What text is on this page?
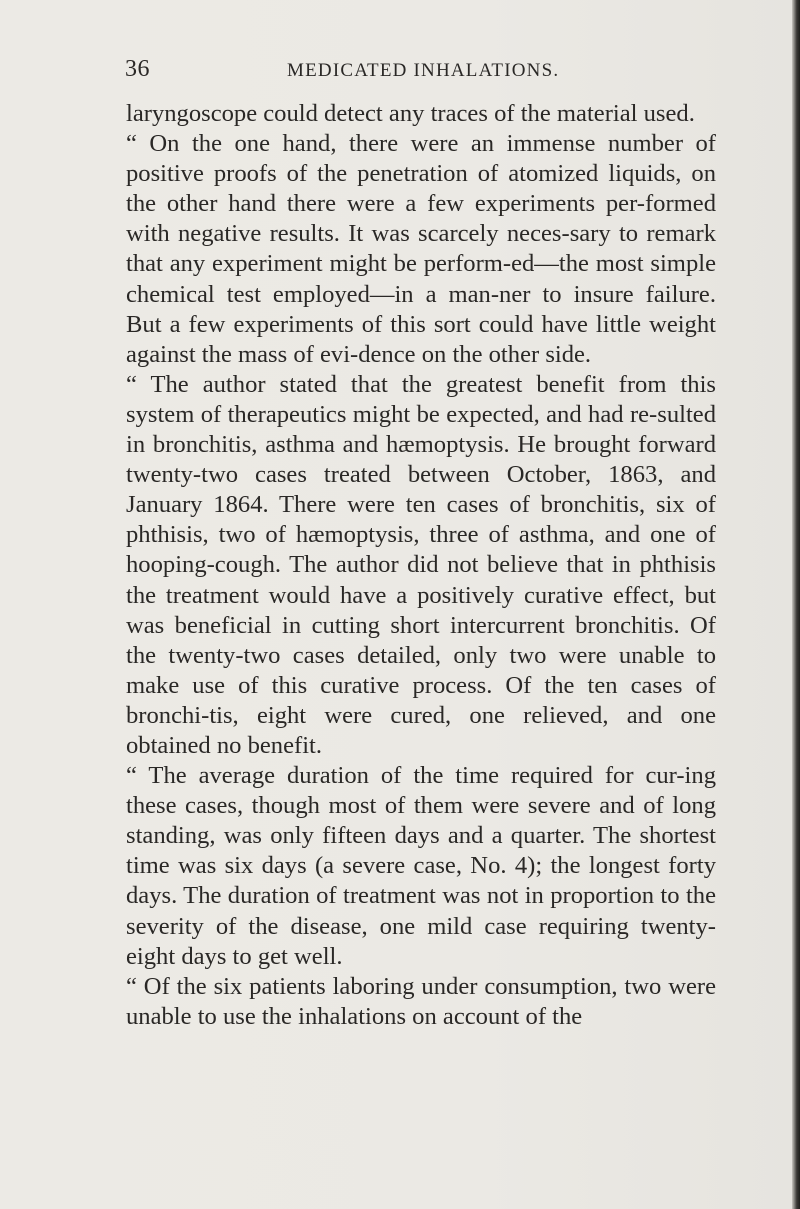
36	MEDICATED INHALATIONS.

laryngoscope could detect any traces of the material used.

“ On the one hand, there were an immense number of positive proofs of the penetration of atomized liquids, on the other hand there were a few experiments per-formed with negative results. It was scarcely neces-sary to remark that any experiment might be perform-ed—the most simple chemical test employed—in a man-ner to insure failure. But a few experiments of this sort could have little weight against the mass of evi-dence on the other side.

“ The author stated that the greatest benefit from this system of therapeutics might be expected, and had re-sulted in bronchitis, asthma and hæmoptysis. He brought forward twenty-two cases treated between October, 1863, and January 1864. There were ten cases of bronchitis, six of phthisis, two of hæmoptysis, three of asthma, and one of hooping-cough. The author did not believe that in phthisis the treatment would have a positively curative effect, but was beneficial in cutting short intercurrent bronchitis. Of the twenty-two cases detailed, only two were unable to make use of this curative process. Of the ten cases of bronchi-tis, eight were cured, one relieved, and one obtained no benefit.

“ The average duration of the time required for cur-ing these cases, though most of them were severe and of long standing, was only fifteen days and a quarter. The shortest time was six days (a severe case, No. 4); the longest forty days. The duration of treatment was not in proportion to the severity of the disease, one mild case requiring twenty-eight days to get well.

“ Of the six patients laboring under consumption, two were unable to use the inhalations on account of the
